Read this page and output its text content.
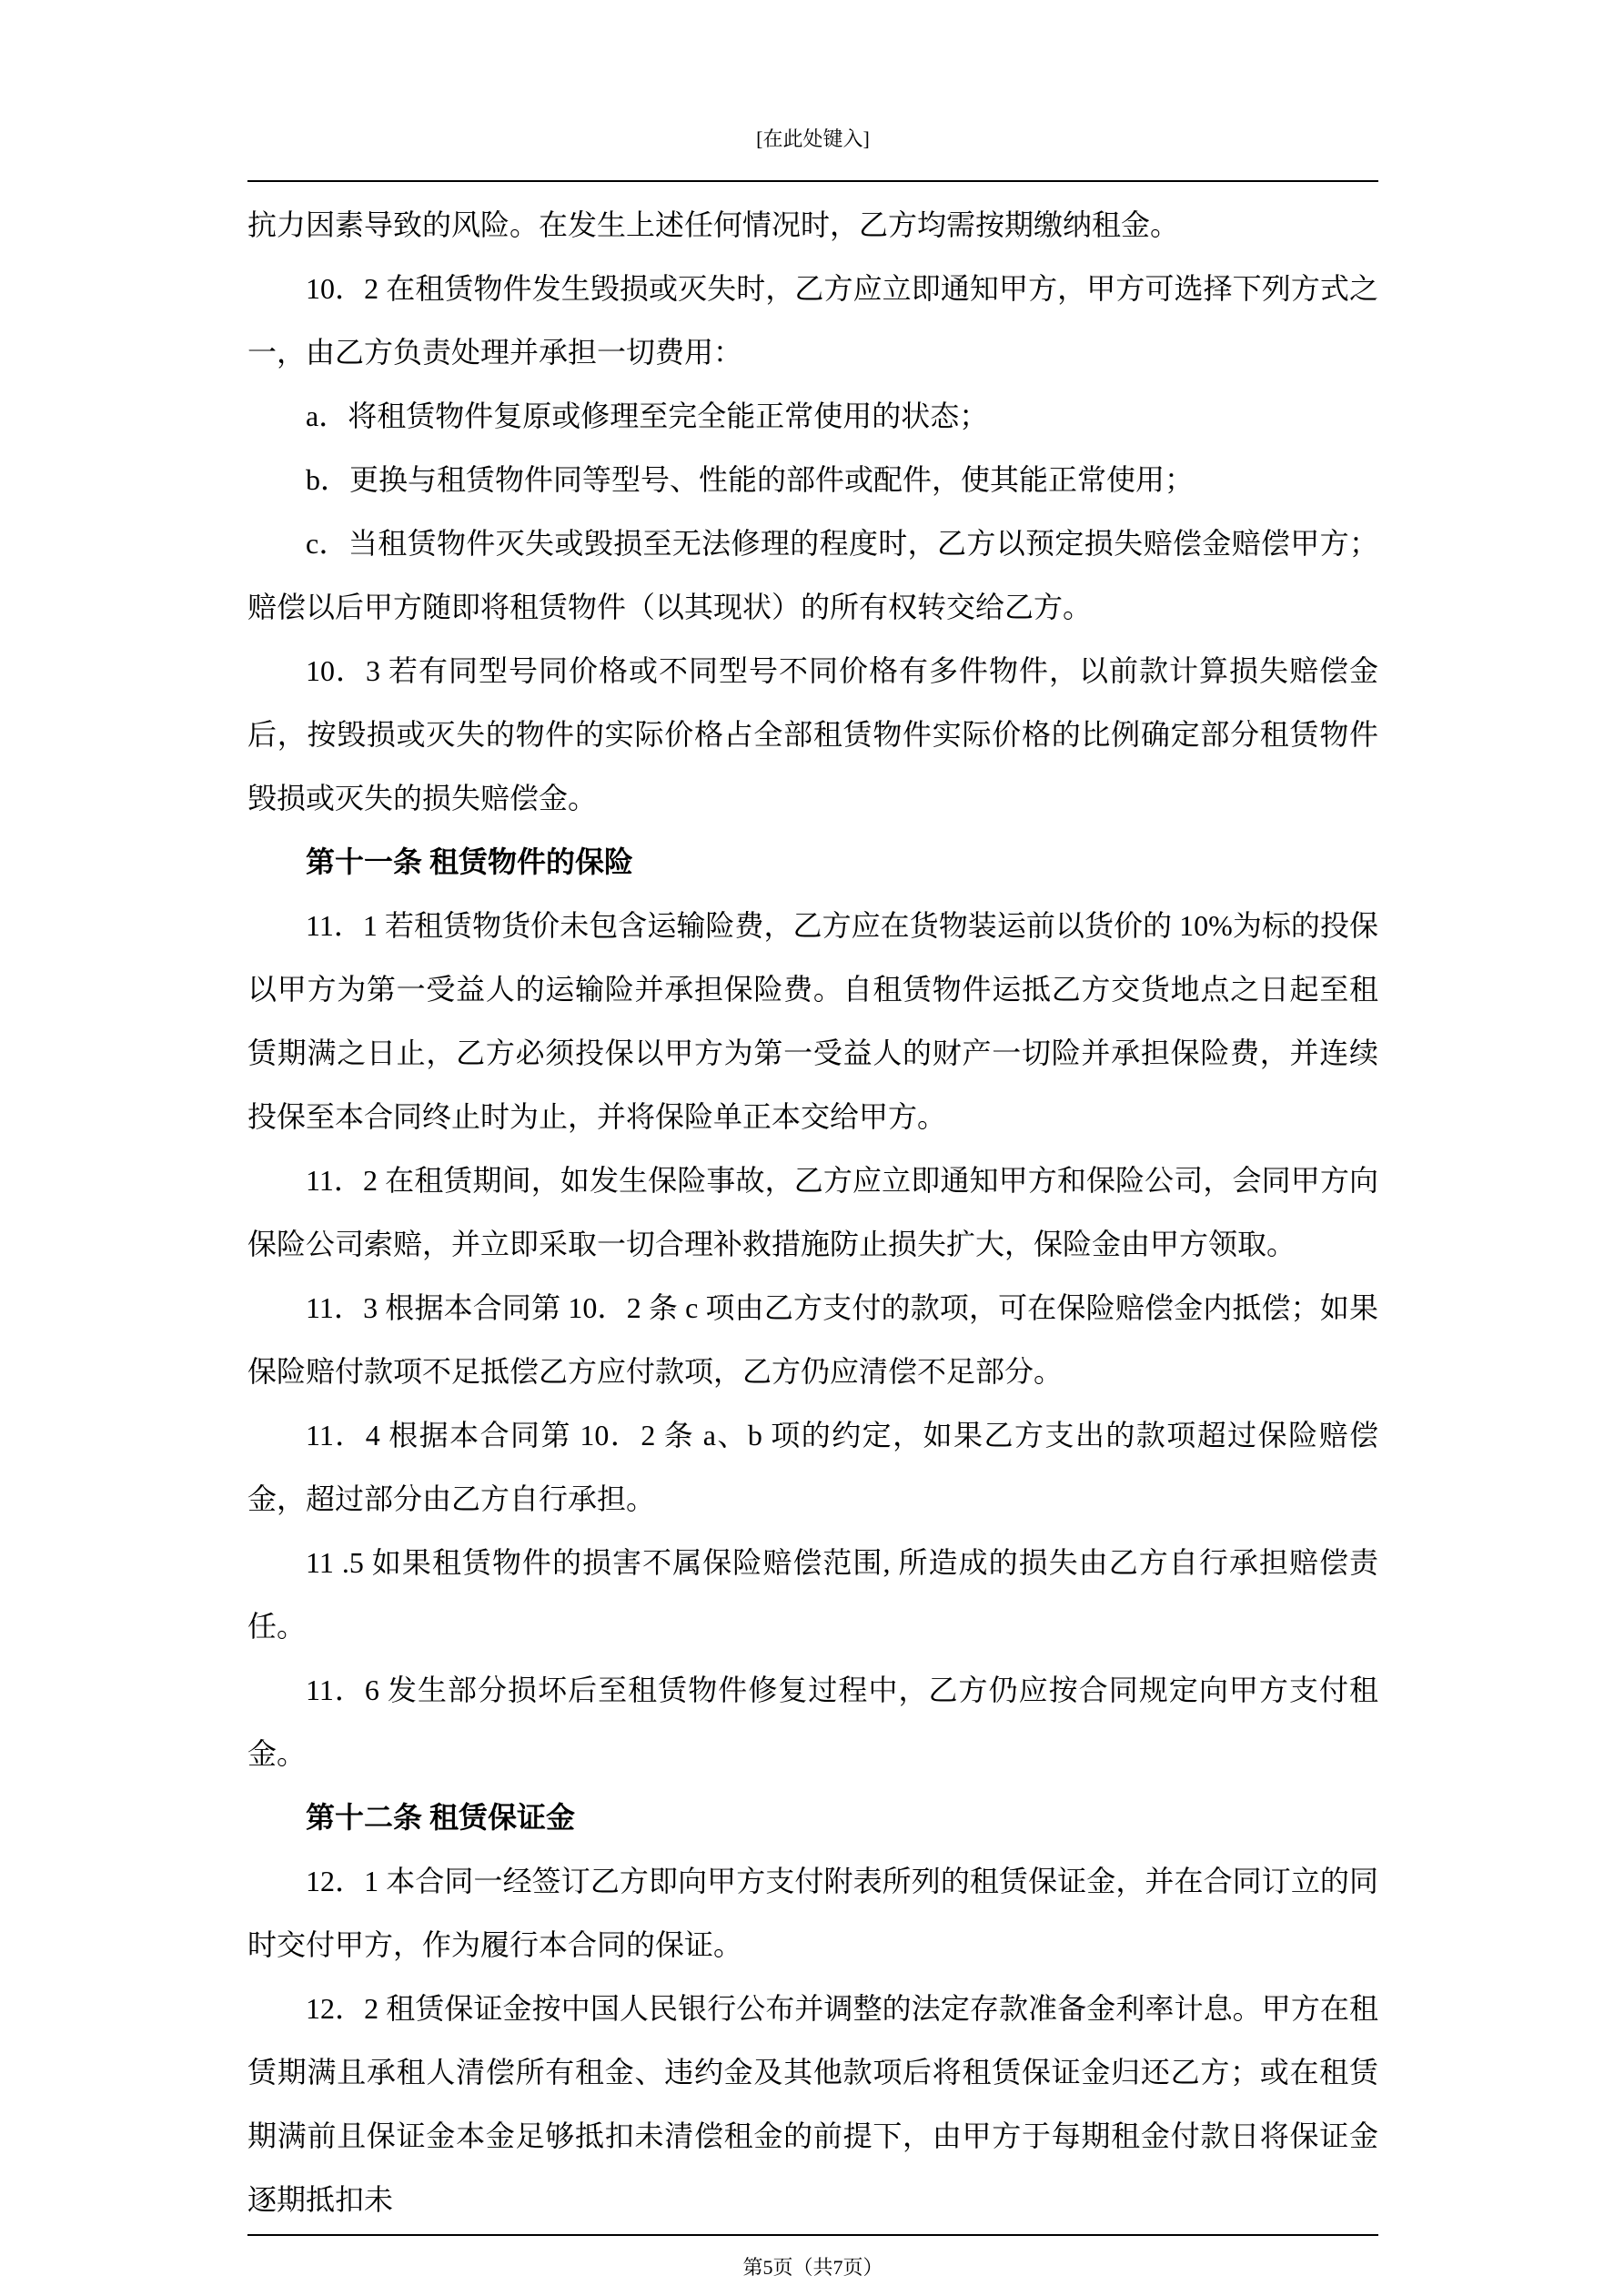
[在此处键入]

抗力因素导致的风险。在发生上述任何情况时，乙方均需按期缴纳租金。

10．2 在租赁物件发生毁损或灭失时，乙方应立即通知甲方，甲方可选择下列方式之一，由乙方负责处理并承担一切费用：

a．将租赁物件复原或修理至完全能正常使用的状态；

b．更换与租赁物件同等型号、性能的部件或配件，使其能正常使用；

c．当租赁物件灭失或毁损至无法修理的程度时，乙方以预定损失赔偿金赔偿甲方；赔偿以后甲方随即将租赁物件（以其现状）的所有权转交给乙方。

10．3 若有同型号同价格或不同型号不同价格有多件物件，以前款计算损失赔偿金后，按毁损或灭失的物件的实际价格占全部租赁物件实际价格的比例确定部分租赁物件毁损或灭失的损失赔偿金。

第十一条 租赁物件的保险

11．1 若租赁物货价未包含运输险费，乙方应在货物装运前以货价的 10%为标的投保以甲方为第一受益人的运输险并承担保险费。自租赁物件运抵乙方交货地点之日起至租赁期满之日止，乙方必须投保以甲方为第一受益人的财产一切险并承担保险费，并连续投保至本合同终止时为止，并将保险单正本交给甲方。

11．2 在租赁期间，如发生保险事故，乙方应立即通知甲方和保险公司，会同甲方向保险公司索赔，并立即采取一切合理补救措施防止损失扩大，保险金由甲方领取。

11．3 根据本合同第 10．2 条 c 项由乙方支付的款项，可在保险赔偿金内抵偿；如果保险赔付款项不足抵偿乙方应付款项，乙方仍应清偿不足部分。

11．4 根据本合同第 10．2 条 a、b 项的约定，如果乙方支出的款项超过保险赔偿金，超过部分由乙方自行承担。

11 .5 如果租赁物件的损害不属保险赔偿范围, 所造成的损失由乙方自行承担赔偿责任。

11．6 发生部分损坏后至租赁物件修复过程中，乙方仍应按合同规定向甲方支付租金。

第十二条 租赁保证金

12．1 本合同一经签订乙方即向甲方支付附表所列的租赁保证金，并在合同订立的同时交付甲方，作为履行本合同的保证。

12．2 租赁保证金按中国人民银行公布并调整的法定存款准备金利率计息。甲方在租赁期满且承租人清偿所有租金、违约金及其他款项后将租赁保证金归还乙方；或在租赁期满前且保证金本金足够抵扣未清偿租金的前提下，由甲方于每期租金付款日将保证金逐期抵扣未

第5页（共7页）
